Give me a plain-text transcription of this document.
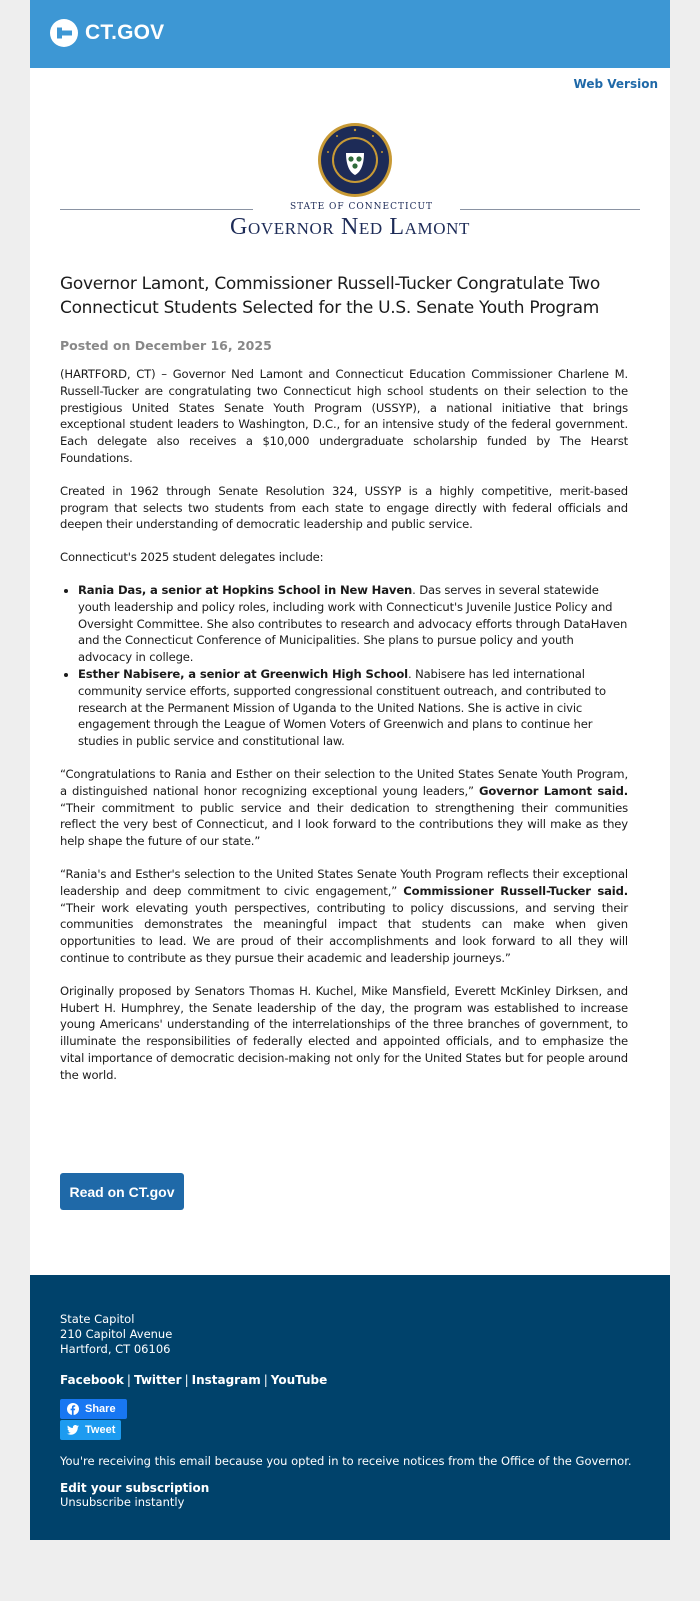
CT.GOV
Web Version
STATE OF CONNECTICUT
Governor Ned Lamont
Governor Lamont, Commissioner Russell-Tucker Congratulate Two Connecticut Students Selected for the U.S. Senate Youth Program
Posted on December 16, 2025

(HARTFORD, CT) – Governor Ned Lamont and Connecticut Education Commissioner Charlene M. Russell-Tucker are congratulating two Connecticut high school students on their selection to the prestigious United States Senate Youth Program (USSYP), a national initiative that brings exceptional student leaders to Washington, D.C., for an intensive study of the federal government. Each delegate also receives a $10,000 undergraduate scholarship funded by The Hearst Foundations.

Created in 1962 through Senate Resolution 324, USSYP is a highly competitive, merit-based program that selects two students from each state to engage directly with federal officials and deepen their understanding of democratic leadership and public service.

Connecticut's 2025 student delegates include:

• Rania Das, a senior at Hopkins School in New Haven. Das serves in several statewide youth leadership and policy roles, including work with Connecticut's Juvenile Justice Policy and Oversight Committee. She also contributes to research and advocacy efforts through DataHaven and the Connecticut Conference of Municipalities. She plans to pursue policy and youth advocacy in college.
• Esther Nabisere, a senior at Greenwich High School. Nabisere has led international community service efforts, supported congressional constituent outreach, and contributed to research at the Permanent Mission of Uganda to the United Nations. She is active in civic engagement through the League of Women Voters of Greenwich and plans to continue her studies in public service and constitutional law.

“Congratulations to Rania and Esther on their selection to the United States Senate Youth Program, a distinguished national honor recognizing exceptional young leaders,” Governor Lamont said. “Their commitment to public service and their dedication to strengthening their communities reflect the very best of Connecticut, and I look forward to the contributions they will make as they help shape the future of our state.”

“Rania's and Esther's selection to the United States Senate Youth Program reflects their exceptional leadership and deep commitment to civic engagement,” Commissioner Russell-Tucker said. “Their work elevating youth perspectives, contributing to policy discussions, and serving their communities demonstrates the meaningful impact that students can make when given opportunities to lead. We are proud of their accomplishments and look forward to all they will continue to contribute as they pursue their academic and leadership journeys.”

Originally proposed by Senators Thomas H. Kuchel, Mike Mansfield, Everett McKinley Dirksen, and Hubert H. Humphrey, the Senate leadership of the day, the program was established to increase young Americans' understanding of the interrelationships of the three branches of government, to illuminate the responsibilities of federally elected and appointed officials, and to emphasize the vital importance of democratic decision-making not only for the United States but for people around the world.

Read on CT.gov
State Capitol
210 Capitol Avenue
Hartford, CT 06106
Facebook | Twitter | Instagram | YouTube
Share
Tweet
You're receiving this email because you opted in to receive notices from the Office of the Governor.
Edit your subscription
Unsubscribe instantly
